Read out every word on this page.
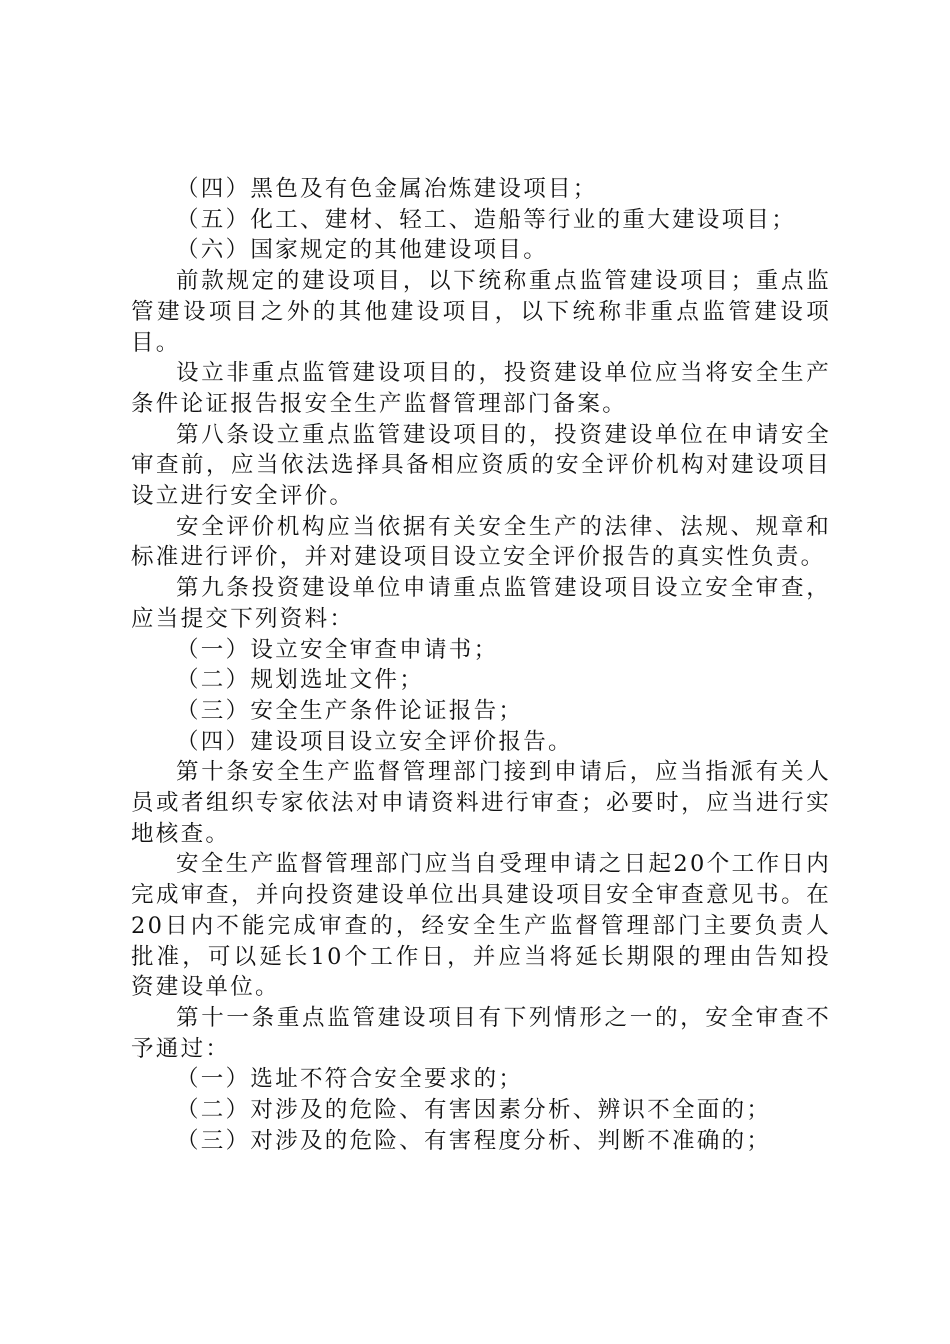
（四）黑色及有色金属冶炼建设项目；

（五）化工、建材、轻工、造船等行业的重大建设项目；

（六）国家规定的其他建设项目。

前款规定的建设项目，以下统称重点监管建设项目；重点监管建设项目之外的其他建设项目，以下统称非重点监管建设项目。

设立非重点监管建设项目的，投资建设单位应当将安全生产条件论证报告报安全生产监督管理部门备案。

第八条设立重点监管建设项目的，投资建设单位在申请安全审查前，应当依法选择具备相应资质的安全评价机构对建设项目设立进行安全评价。

安全评价机构应当依据有关安全生产的法律、法规、规章和标准进行评价，并对建设项目设立安全评价报告的真实性负责。

第九条投资建设单位申请重点监管建设项目设立安全审查，应当提交下列资料：

（一）设立安全审查申请书；

（二）规划选址文件；

（三）安全生产条件论证报告；

（四）建设项目设立安全评价报告。

第十条安全生产监督管理部门接到申请后，应当指派有关人员或者组织专家依法对申请资料进行审查；必要时，应当进行实地核查。

安全生产监督管理部门应当自受理申请之日起20个工作日内完成审查，并向投资建设单位出具建设项目安全审查意见书。在20日内不能完成审查的，经安全生产监督管理部门主要负责人批准，可以延长10个工作日，并应当将延长期限的理由告知投资建设单位。

第十一条重点监管建设项目有下列情形之一的，安全审查不予通过：

（一）选址不符合安全要求的；

（二）对涉及的危险、有害因素分析、辨识不全面的；

（三）对涉及的危险、有害程度分析、判断不准确的；
